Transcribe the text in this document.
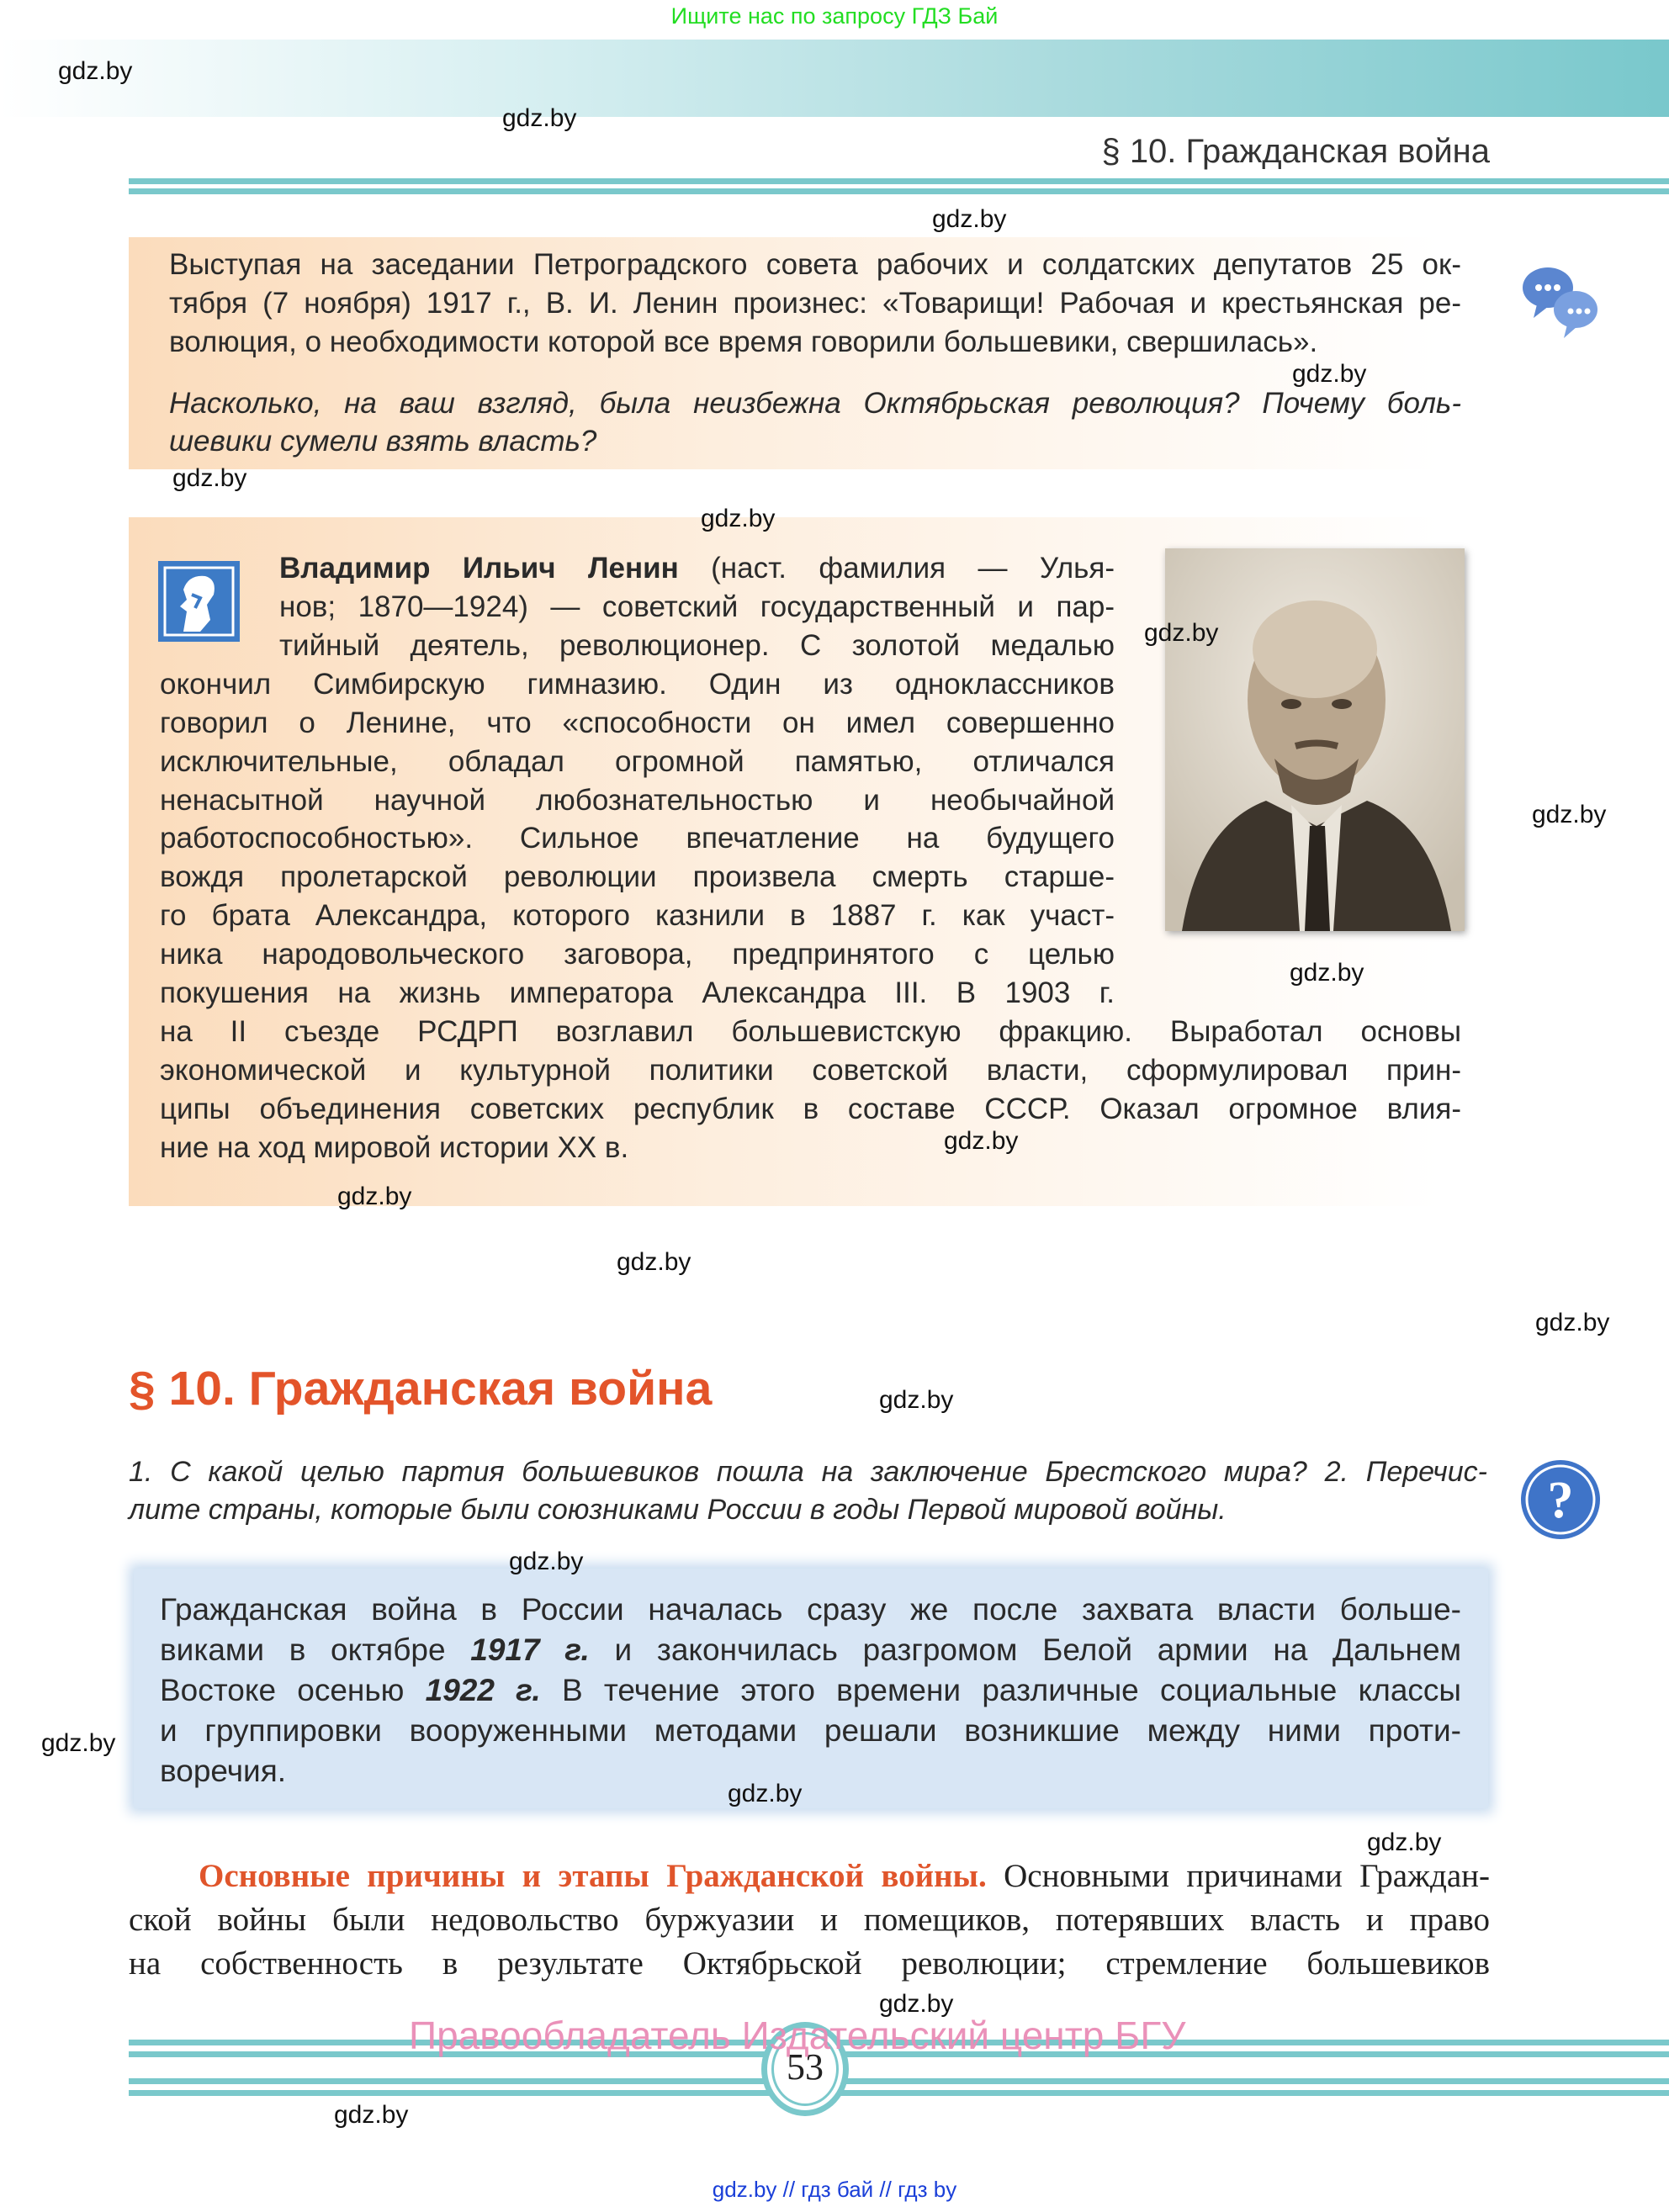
Ищите нас по запросу ГДЗ Бай
§ 10. Гражданская война
Выступая на заседании Петроградского совета рабочих и солдатских депутатов 25 ок-
тября (7 ноября) 1917 г., В. И. Ленин произнес: «Товарищи! Рабочая и крестьянская ре-
волюция, о необходимости которой все время говорили большевики, свершилась».
Насколько, на ваш взгляд, была неизбежна Октябрьская революция? Почему боль-
шевики сумели взять власть?
Владимир Ильич Ленин (наст. фамилия — Улья-
нов; 1870—1924) — советский государственный и пар-
тийный деятель, революционер. С золотой медалью
окончил Симбирскую гимназию. Один из одноклассников
говорил о Ленине, что «способности он имел совершенно
исключительные, обладал огромной памятью, отличался
ненасытной научной любознательностью и необычайной
работоспособностью». Сильное впечатление на будущего
вождя пролетарской революции произвела смерть старше-
го брата Александра, которого казнили в 1887 г. как участ-
ника народовольческого заговора, предпринятого с целью
покушения на жизнь императора Александра III. В 1903 г.
на II съезде РСДРП возглавил большевистскую фракцию. Выработал основы
экономической и культурной политики советской власти, сформулировал прин-
ципы объединения советских республик в составе СССР. Оказал огромное влия-
ние на ход мировой истории XX в.
§ 10. Гражданская война
1. С какой целью партия большевиков пошла на заключение Брестского мира? 2. Перечис-
лите страны, которые были союзниками России в годы Первой мировой войны.	?
Гражданская война в России началась сразу же после захвата власти больше-
виками в октябре 1917 г. и закончилась разгромом Белой армии на Дальнем
Востоке осенью 1922 г. В течение этого времени различные социальные классы
и группировки вооруженными методами решали возникшие между ними проти-
воречия.
Основные причины и этапы Гражданской войны. Основными причинами Граждан-
ской войны были недовольство буржуазии и помещиков, потерявших власть и право
на собственность в результате Октябрьской революции; стремление большевиков
53
Правообладатель Издательский центр БГУ
gdz.by // гдз бай // гдз by
gdz.by
gdz.by
gdz.by
gdz.by
gdz.by
gdz.by
gdz.by
gdz.by
gdz.by
gdz.by
gdz.by
gdz.by
gdz.by
gdz.by
gdz.by
gdz.by
gdz.by
gdz.by
gdz.by
gdz.by
